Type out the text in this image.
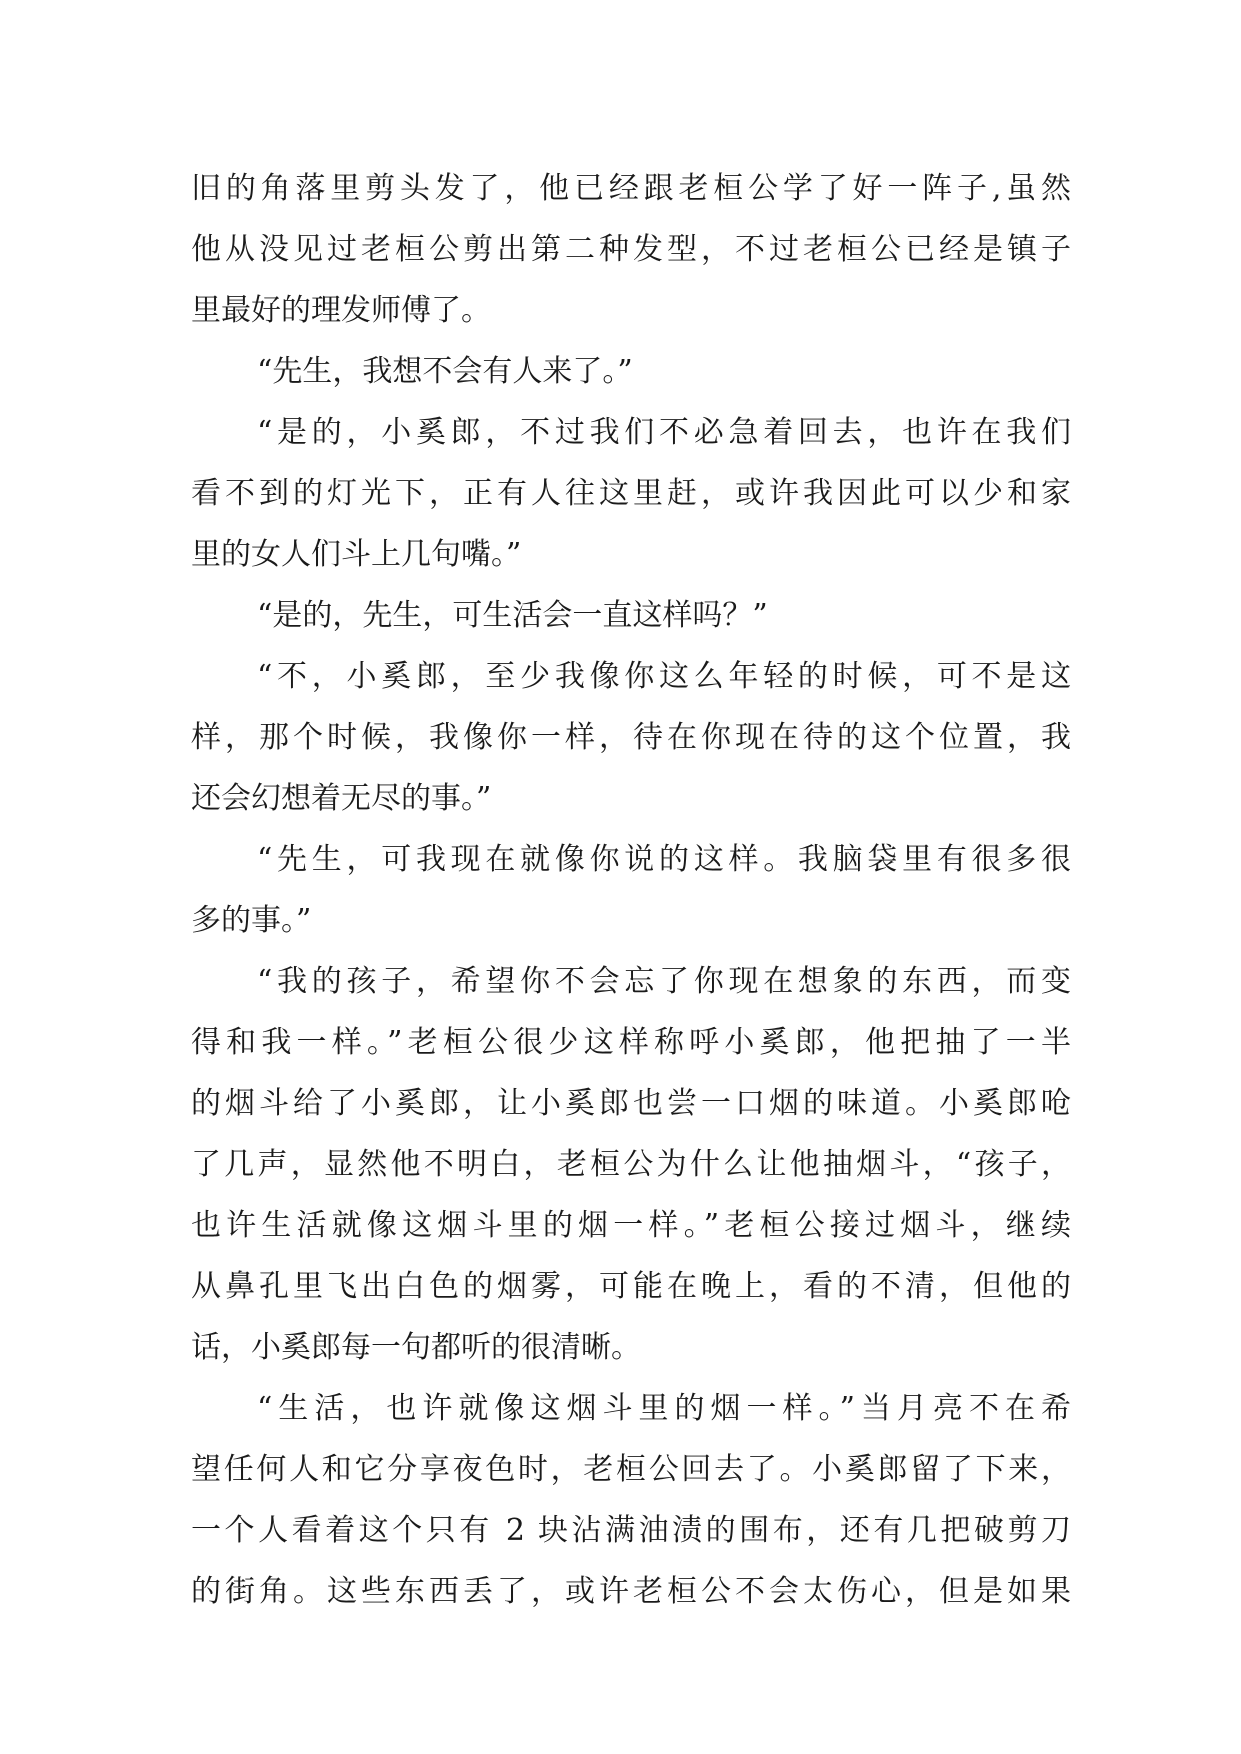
旧的角落里剪头发了，他已经跟老桓公学了好一阵子,虽然
他从没见过老桓公剪出第二种发型，不过老桓公已经是镇子
里最好的理发师傅了。
“先生，我想不会有人来了。”
“是的，小奚郎，不过我们不必急着回去，也许在我们
看不到的灯光下，正有人往这里赶，或许我因此可以少和家
里的女人们斗上几句嘴。”
“是的，先生，可生活会一直这样吗？”
“不，小奚郎，至少我像你这么年轻的时候，可不是这
样，那个时候，我像你一样，待在你现在待的这个位置，我
还会幻想着无尽的事。”
“先生，可我现在就像你说的这样。我脑袋里有很多很
多的事。”
“我的孩子，希望你不会忘了你现在想象的东西，而变
得和我一样。”老桓公很少这样称呼小奚郎，他把抽了一半
的烟斗给了小奚郎，让小奚郎也尝一口烟的味道。小奚郎呛
了几声，显然他不明白，老桓公为什么让他抽烟斗，“孩子，
也许生活就像这烟斗里的烟一样。”老桓公接过烟斗，继续
从鼻孔里飞出白色的烟雾，可能在晚上，看的不清，但他的
话，小奚郎每一句都听的很清晰。
“生活，也许就像这烟斗里的烟一样。”当月亮不在希
望任何人和它分享夜色时，老桓公回去了。小奚郎留了下来，
一个人看着这个只有 2 块沾满油渍的围布，还有几把破剪刀
的街角。这些东西丢了，或许老桓公不会太伤心，但是如果
